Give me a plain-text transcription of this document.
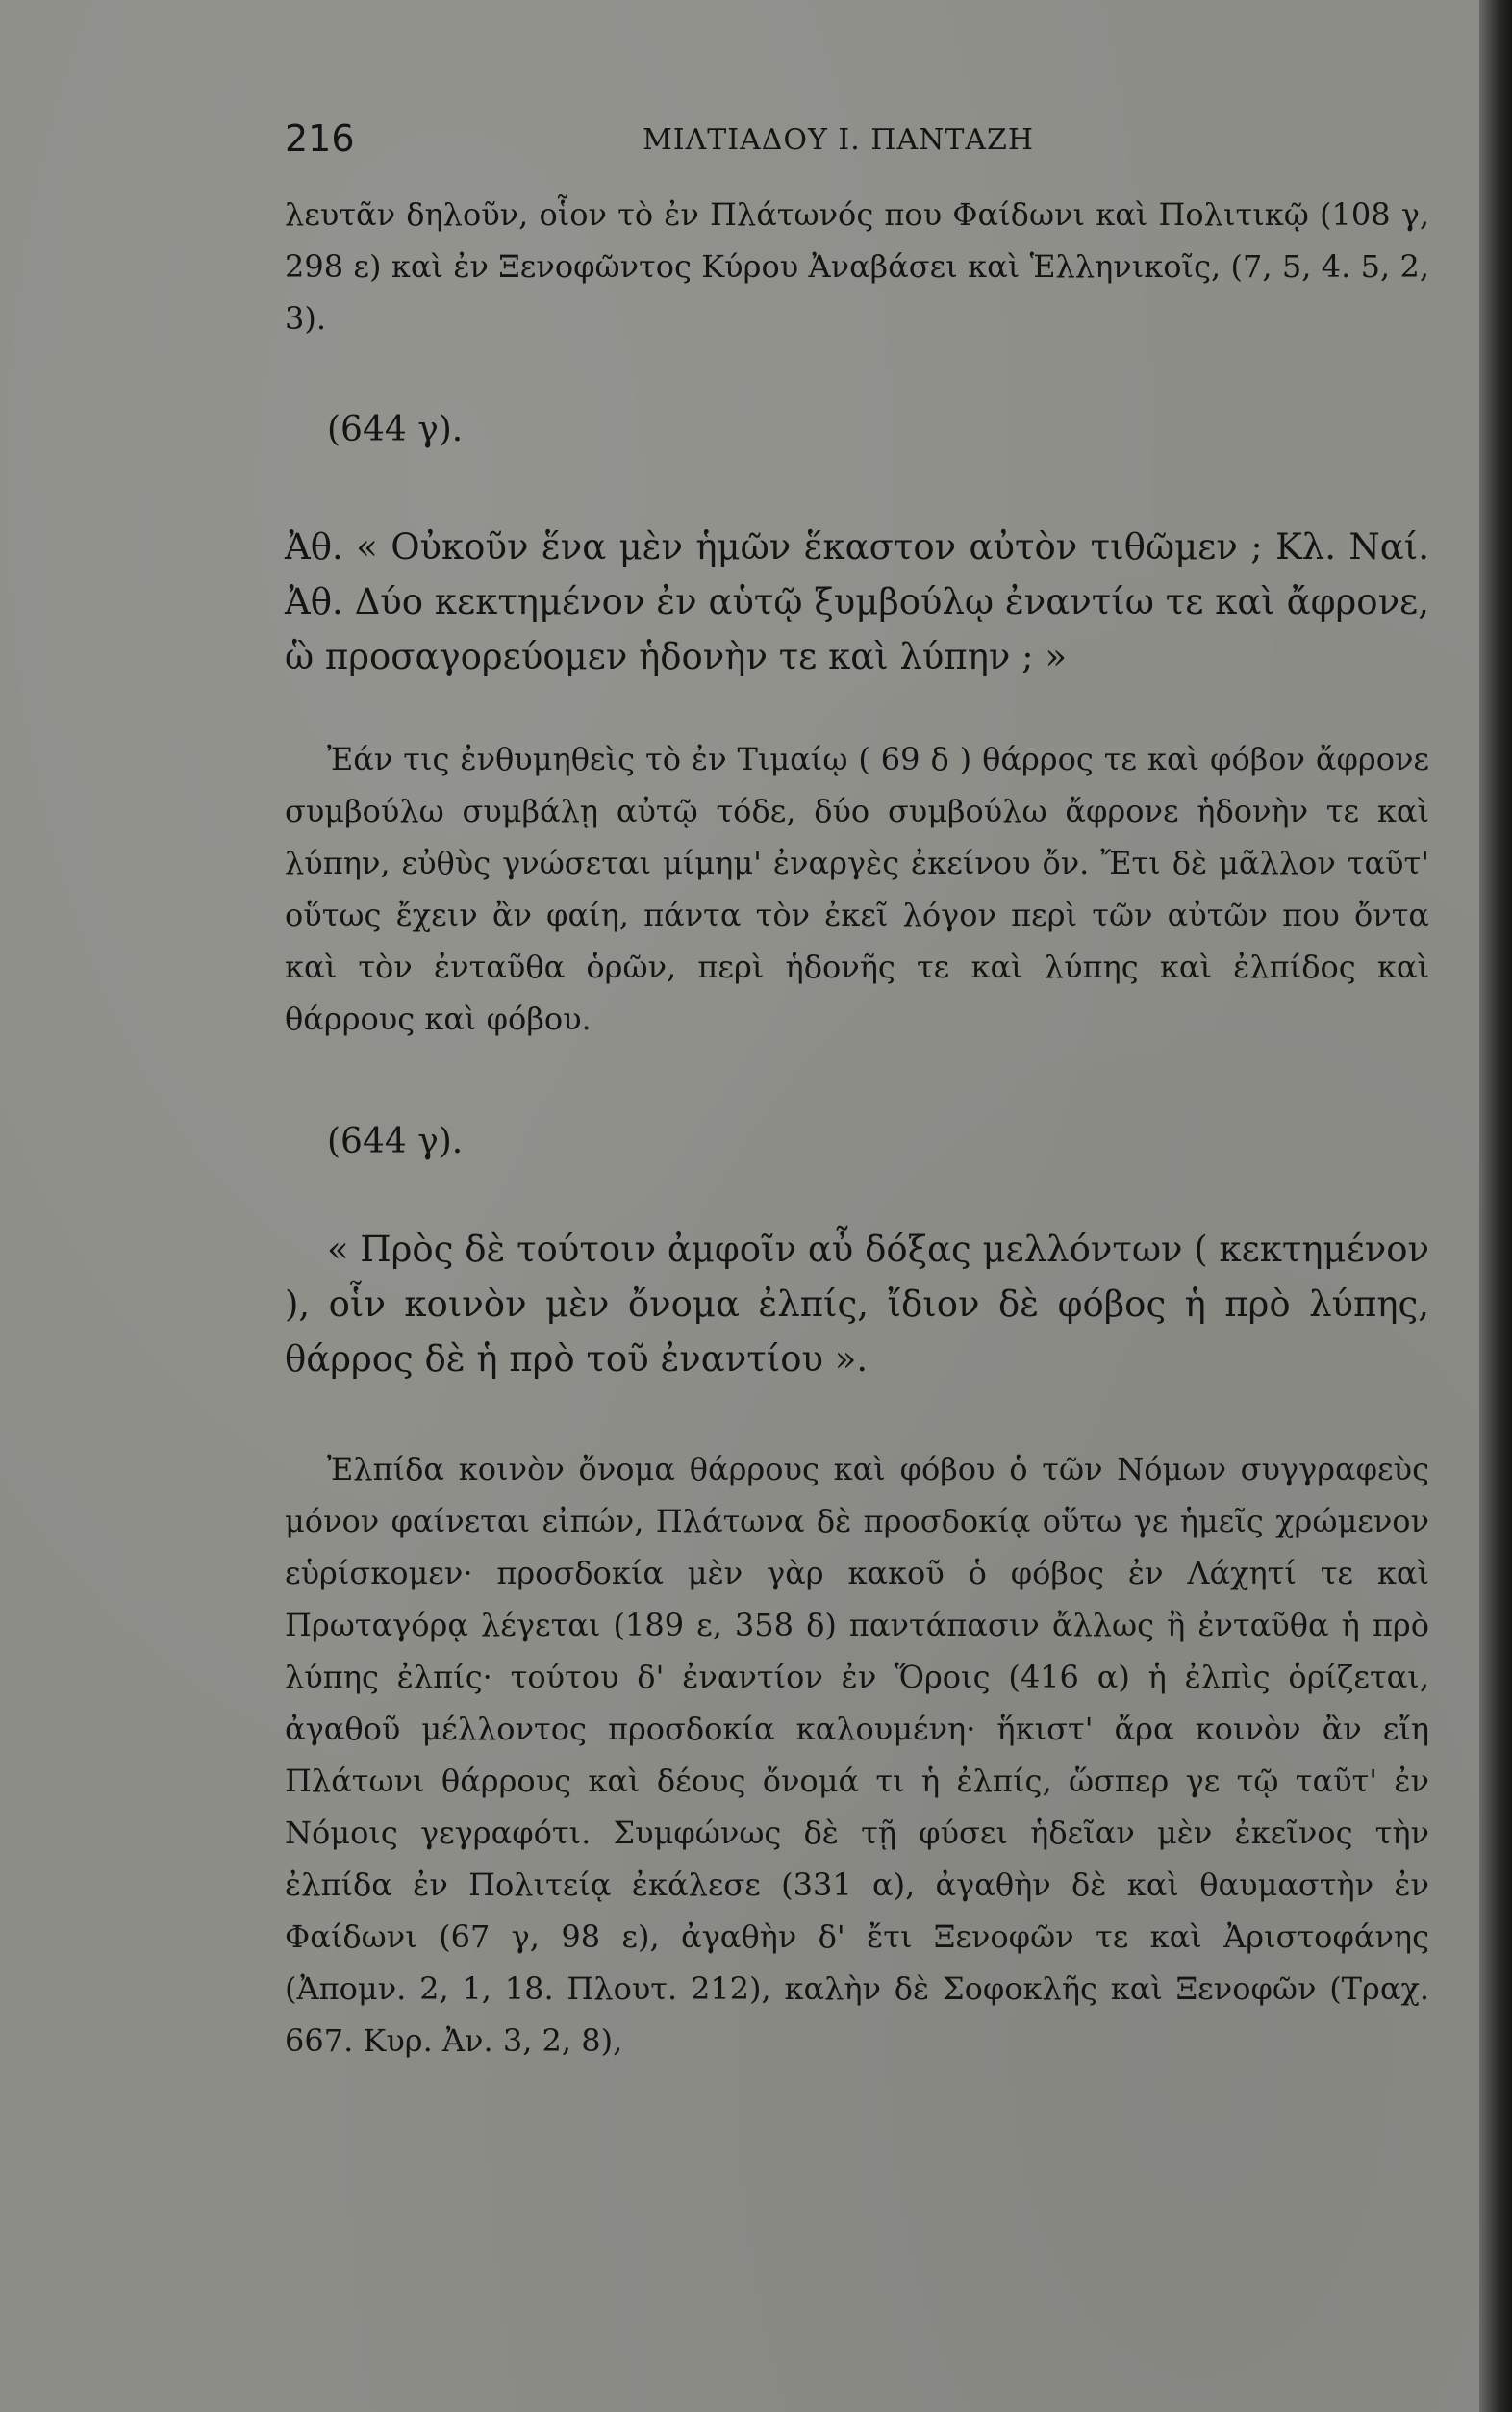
216	ΜΙΛΤΙΑΔΟΥ Ι. ΠΑΝΤΑΖΗ

λευτᾶν δηλοῦν, οἷον τὸ ἐν Πλάτωνός που Φαίδωνι καὶ Πολιτικῷ (108 γ, 298 ε) καὶ ἐν Ξενοφῶντος Κύρου Ἀναβάσει καὶ Ἑλληνικοῖς, (7, 5, 4. 5, 2, 3).

(644 γ).

Ἀθ. « Οὐκοῦν ἕνα μὲν ἡμῶν ἕκαστον αὐτὸν τιθῶμεν ; Κλ. Ναί. Ἀθ. Δύο κεκτημένον ἐν αὑτῷ ξυμβούλῳ ἐναντίω τε καὶ ἄφρονε, ὣ προσαγορεύομεν ἡδονὴν τε καὶ λύπην ; »

Ἐάν τις ἐνθυμηθεὶς τὸ ἐν Τιμαίῳ ( 69 δ ) θάρρος τε καὶ φόβον ἄφρονε συμβούλω συμβάλῃ αὐτῷ τόδε, δύο συμβούλω ἄφρονε ἡδονὴν τε καὶ λύπην, εὐθὺς γνώσεται μίμημ' ἐναργὲς ἐκείνου ὄν. Ἔτι δὲ μᾶλλον ταῦτ' οὕτως ἔχειν ἂν φαίη, πάντα τὸν ἐκεῖ λόγον περὶ τῶν αὐτῶν που ὄντα καὶ τὸν ἐνταῦθα ὁρῶν, περὶ ἡδονῆς τε καὶ λύπης καὶ ἐλπίδος καὶ θάρρους καὶ φόβου.

(644 γ).

« Πρὸς δὲ τούτοιν ἀμφοῖν αὖ δόξας μελλόντων ( κεκτημένον ), οἷν κοινὸν μὲν ὄνομα ἐλπίς, ἴδιον δὲ φόβος ἡ πρὸ λύπης, θάρρος δὲ ἡ πρὸ τοῦ ἐναντίου ».

Ἐλπίδα κοινὸν ὄνομα θάρρους καὶ φόβου ὁ τῶν Νόμων συγγραφεὺς μόνον φαίνεται εἰπών, Πλάτωνα δὲ προσδοκίᾳ οὕτω γε ἡμεῖς χρώμενον εὑρίσκομεν· προσδοκία μὲν γὰρ κακοῦ ὁ φόβος ἐν Λάχητί τε καὶ Πρωταγόρᾳ λέγεται (189 ε, 358 δ) παντάπασιν ἄλλως ἢ ἐνταῦθα ἡ πρὸ λύπης ἐλπίς· τούτου δ' ἐναντίον ἐν Ὅροις (416 α) ἡ ἐλπὶς ὁρίζεται, ἀγαθοῦ μέλλοντος προσδοκία καλουμένη· ἥκιστ' ἄρα κοινὸν ἂν εἴη Πλάτωνι θάρρους καὶ δέους ὄνομά τι ἡ ἐλπίς, ὥσπερ γε τῷ ταῦτ' ἐν Νόμοις γεγραφότι. Συμφώνως δὲ τῇ φύσει ἡδεῖαν μὲν ἐκεῖνος τὴν ἐλπίδα ἐν Πολιτείᾳ ἐκάλεσε (331 α), ἀγαθὴν δὲ καὶ θαυμαστὴν ἐν Φαίδωνι (67 γ, 98 ε), ἀγαθὴν δ' ἔτι Ξενοφῶν τε καὶ Ἀριστοφάνης (Ἀπομν. 2, 1, 18. Πλουτ. 212), καλὴν δὲ Σοφοκλῆς καὶ Ξενοφῶν (Τραχ. 667. Κυρ. Ἀν. 3, 2, 8),
